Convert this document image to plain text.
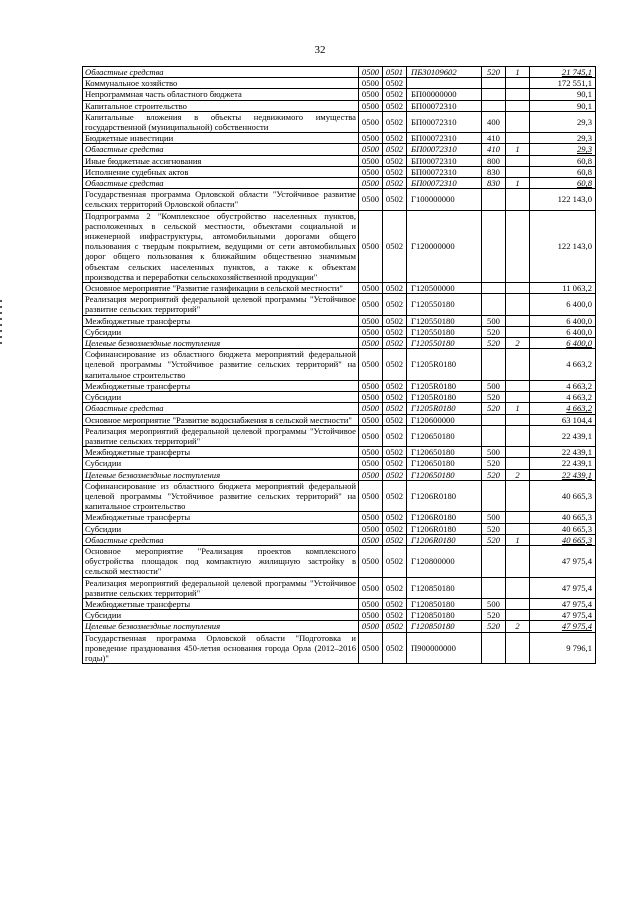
32
Областные средства	0500	0501	ПБ30109602	520	1	21 745,1
Коммунальное хозяйство	0500	0502				172 551,1
Непрограммная часть областного бюджета	0500	0502	БП00000000			90,1
Капитальное строительство	0500	0502	БП00072310			90,1
Капитальные вложения в объекты недвижимого имущества государственной (муниципальной) собственности	0500	0502	БП00072310	400		29,3
Бюджетные инвестиции	0500	0502	БП00072310	410		29,3
Областные средства	0500	0502	БП00072310	410	1	29,3
Иные бюджетные ассигнования	0500	0502	БП00072310	800		60,8
Исполнение судебных актов	0500	0502	БП00072310	830		60,8
Областные средства	0500	0502	БП00072310	830	1	60,8
Государственная программа Орловской области "Устойчивое развитие сельских территорий Орловской области"	0500	0502	Г100000000			122 143,0
Подпрограмма 2 "Комплексное обустройство населенных пунктов, расположенных в сельской местности, объектами социальной и инженерной инфраструктуры, автомобильными дорогами общего пользования с твердым покрытием, ведущими от сети автомобильных дорог общего пользования к ближайшим общественно значимым объектам сельских населенных пунктов, а также к объектам производства и переработки сельскохозяйственной продукции"	0500	0502	Г120000000			122 143,0
Основное мероприятие "Развитие газификации в сельской местности"	0500	0502	Г120500000			11 063,2
Реализация мероприятий федеральной целевой программы "Устойчивое развитие сельских территорий"	0500	0502	Г120550180			6 400,0
Межбюджетные трансферты	0500	0502	Г120550180	500		6 400,0
Субсидии	0500	0502	Г120550180	520		6 400,0
Целевые безвозмездные поступления	0500	0502	Г120550180	520	2	6 400,0
Софинансирование из областного бюджета мероприятий федеральной целевой программы "Устойчивое развитие сельских территорий" на капитальное строительство	0500	0502	Г1205R0180			4 663,2
Межбюджетные трансферты	0500	0502	Г1205R0180	500		4 663,2
Субсидии	0500	0502	Г1205R0180	520		4 663,2
Областные средства	0500	0502	Г1205R0180	520	1	4 663,2
Основное мероприятие "Развитие водоснабжения в сельской местности"	0500	0502	Г120600000			63 104,4
Реализация мероприятий федеральной целевой программы "Устойчивое развитие сельских территорий"	0500	0502	Г120650180			22 439,1
Межбюджетные трансферты	0500	0502	Г120650180	500		22 439,1
Субсидии	0500	0502	Г120650180	520		22 439,1
Целевые безвозмездные поступления	0500	0502	Г120650180	520	2	22 439,1
Софинансирование из областного бюджета мероприятий федеральной целевой программы "Устойчивое развитие сельских территорий" на капитальное строительство	0500	0502	Г1206R0180			40 665,3
Межбюджетные трансферты	0500	0502	Г1206R0180	500		40 665,3
Субсидии	0500	0502	Г1206R0180	520		40 665,3
Областные средства	0500	0502	Г1206R0180	520	1	40 665,3
Основное мероприятие "Реализация проектов комплексного обустройства площадок под компактную жилищную застройку в сельской местности"	0500	0502	Г120800000			47 975,4
Реализация мероприятий федеральной целевой программы "Устойчивое развитие сельских территорий"	0500	0502	Г120850180			47 975,4
Межбюджетные трансферты	0500	0502	Г120850180	500		47 975,4
Субсидии	0500	0502	Г120850180	520		47 975,4
Целевые безвозмездные поступления	0500	0502	Г120850180	520	2	47 975,4
Государственная программа Орловской области "Подготовка и проведение празднования 450-летия основания города Орла (2012–2016 годы)"	0500	0502	П900000000			9 796,1
